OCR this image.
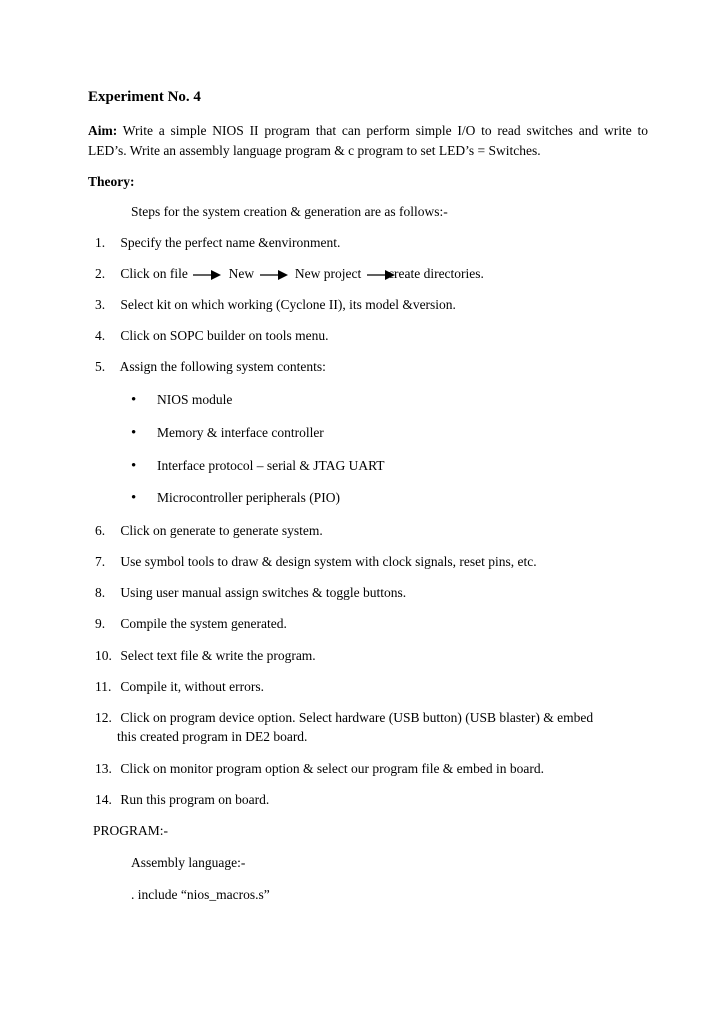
Experiment No. 4
Aim: Write a simple NIOS II program that can perform simple I/O to read switches and write to LED’s. Write an assembly language program & c program to set LED’s = Switches.
Theory:
Steps for the system creation & generation are as follows:-
1. Specify the perfect name &environment.
2. Click on file	New	New project create directories.
3. Select kit on which working (Cyclone II), its model &version.
4. Click on SOPC builder on tools menu.
5. Assign the following system contents:
• NIOS module
• Memory & interface controller
• Interface protocol – serial & JTAG UART
• Microcontroller peripherals (PIO)
6. Click on generate to generate system.
7. Use symbol tools to draw & design system with clock signals, reset pins, etc.
8. Using user manual assign switches & toggle buttons.
9. Compile the system generated.
10. Select text file & write the program.
11. Compile it, without errors.
12. Click on program device option. Select hardware (USB button) (USB blaster) & embed
this created program in DE2 board.
13. Click on monitor program option & select our program file & embed in board.
14. Run this program on board.
PROGRAM:-
Assembly language:-
. include “nios_macros.s”
